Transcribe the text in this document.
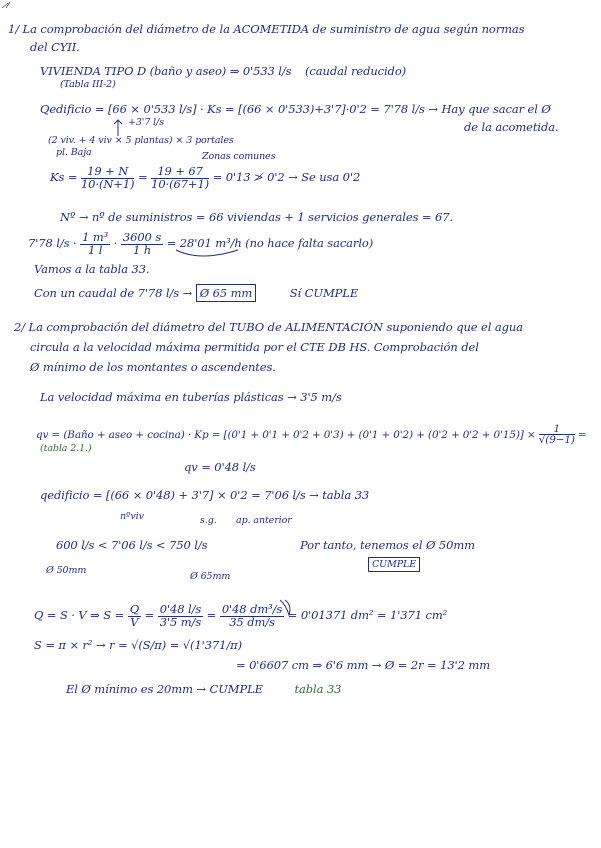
1/ La comprobación del diámetro de la ACOMETIDA de suministro de agua según normas
del CYII.
VIVIENDA TIPO D (baño y aseo) ⇒ 0'533 l/s (caudal reducido)
(Tabla III-2)
Qedificio = [66 × 0'533 l/s] · Ks = [(66 × 0'533)+3'7]·0'2 = 7'78 l/s → Hay que sacar el Ø
de la acometida.
+3'7 l/s
(2 viv. + 4 viv × 5 plantas) × 3 portales
pl. Baja	Zonas comunes
$Ks = \frac{19 + N}{10\cdot(N+1)} = \frac{19 + 67}{10\cdot(67+1)} = 0'13$ ≯ 0'2 → Se usa 0'2
Nº → nº de suministros = 66 viviendas + 1 servicios generales = 67.
7'78 $l/s \cdot \frac{\text{1 m³}}{1 l} \cdot \frac{3600 s}{1 h} = 28'01$ m³/h (no hace falta sacarlo)
Vamos a la tabla 33.
Con un caudal de 7'78 l/s → Ø 65 mm	Sí CUMPLE
2/ La comprobación del diámetro del TUBO de ALIMENTACIÓN suponiendo que el agua
circula a la velocidad máxima permitida por el CTE DB HS. Comprobación del
Ø mínimo de los montantes o ascendentes.
La velocidad máxima en tuberías plásticas → 3'5 m/s
qv = (Baño + aseo + cocina) · $Kp = [(0'1 + 0'1 + 0'2 + 0'3) + (0'1 + 0'2) + (0'2 + 0'2 + 0'15)] \times \frac{1}{√(9-1)}$ =
(tabla 2.1.)
qv = 0'48 l/s
qedificio = [(66 × 0'48) + 3'7] × 0'2 = 7'06 l/s → tabla 33
nºviv	s.g. ap. anterior
600 l/s < 7'06 l/s < 750 l/s
Ø 50mm
Ø 65mm
Por tanto, tenemos el Ø 50mm
CUMPLE
Q = S · V ⇒ $S = \frac{Q}{V} = \frac{0'48 l/s}{3'5 m/s} = \frac{\text{0'48 dm³/s}}{35 dm/s} = 0'01371$ dm² = 1'371 cm²
S = π × r² → r = √(S/π) = √(1'371/π)
= 0'6607 cm ⇒ 6'6 mm → Ø = 2r = 13'2 mm
El Ø mínimo es 20mm → CUMPLE	tabla 33
